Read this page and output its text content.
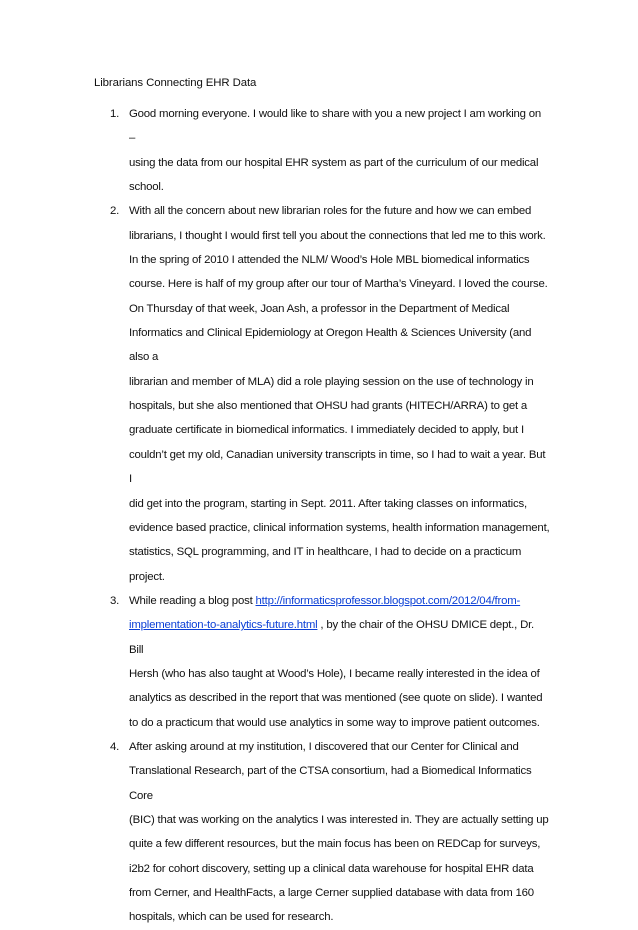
Librarians Connecting EHR Data
1. Good morning everyone. I would like to share with you a new project I am working on –
using the data from our hospital EHR system as part of the curriculum of our medical
school.
2. With all the concern about new librarian roles for the future and how we can embed
librarians, I thought I would first tell you about the connections that led me to this work.
In the spring of 2010 I attended the NLM/ Wood’s Hole MBL biomedical informatics
course. Here is half of my group after our tour of Martha’s Vineyard. I loved the course.
On Thursday of that week, Joan Ash, a professor in the Department of Medical
Informatics and Clinical Epidemiology at Oregon Health & Sciences University (and also a
librarian and member of MLA) did a role playing session on the use of technology in
hospitals, but she also mentioned that OHSU had grants (HITECH/ARRA) to get a
graduate certificate in biomedical informatics. I immediately decided to apply, but I
couldn’t get my old, Canadian university transcripts in time, so I had to wait a year. But I
did get into the program, starting in Sept. 2011. After taking classes on informatics,
evidence based practice, clinical information systems, health information management,
statistics, SQL programming, and IT in healthcare, I had to decide on a practicum
project.
3. While reading a blog post http://informaticsprofessor.blogspot.com/2012/04/from-
implementation-to-analytics-future.html , by the chair of the OHSU DMICE dept., Dr. Bill
Hersh (who has also taught at Wood’s Hole), I became really interested in the idea of
analytics as described in the report that was mentioned (see quote on slide). I wanted
to do a practicum that would use analytics in some way to improve patient outcomes.
4. After asking around at my institution, I discovered that our Center for Clinical and
Translational Research, part of the CTSA consortium, had a Biomedical Informatics Core
(BIC) that was working on the analytics I was interested in. They are actually setting up
quite a few different resources, but the main focus has been on REDCap for surveys,
i2b2 for cohort discovery, setting up a clinical data warehouse for hospital EHR data
from Cerner, and HealthFacts, a large Cerner supplied database with data from 160
hospitals, which can be used for research.
